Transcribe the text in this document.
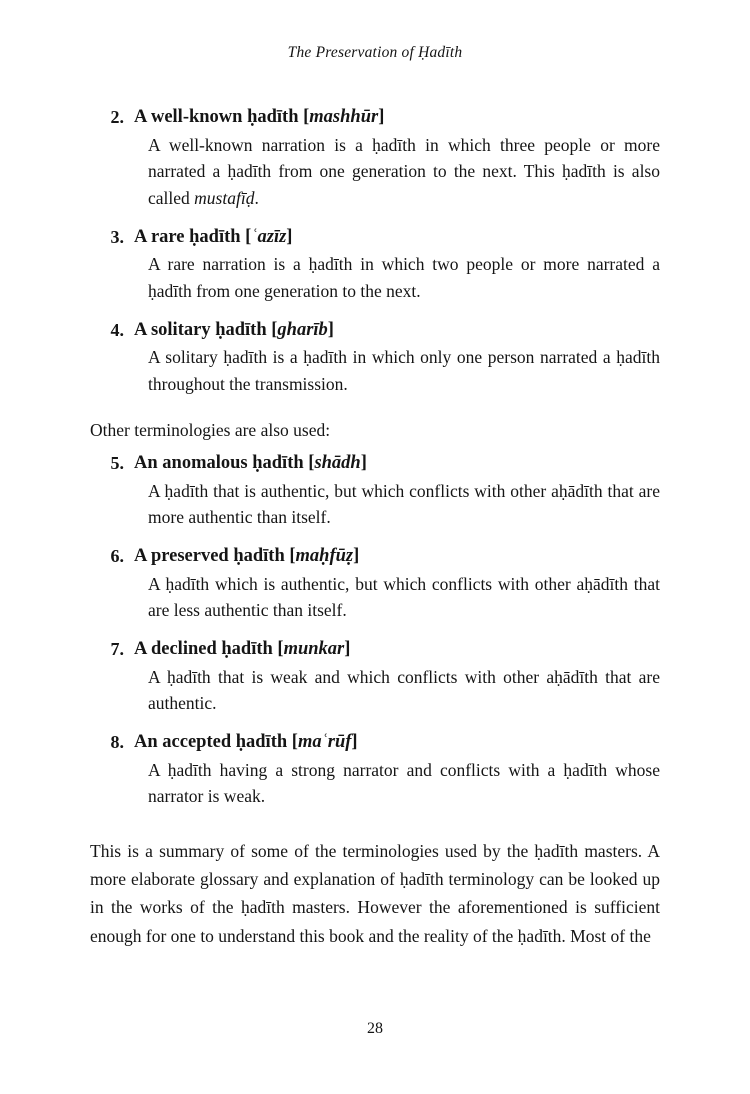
The Preservation of Ḥadīth
2. A well-known ḥadīth [mashhūr]
A well-known narration is a ḥadīth in which three people or more narrated a ḥadīth from one generation to the next. This ḥadīth is also called mustafīḍ.
3. A rare ḥadīth [ʿazīz]
A rare narration is a ḥadīth in which two people or more narrated a ḥadīth from one generation to the next.
4. A solitary ḥadīth [gharīb]
A solitary ḥadīth is a ḥadīth in which only one person narrated a ḥadīth throughout the transmission.

Other terminologies are also used:

5. An anomalous ḥadīth [shādh]
A ḥadīth that is authentic, but which conflicts with other aḥādīth that are more authentic than itself.
6. A preserved ḥadīth [maḥfūẓ]
A ḥadīth which is authentic, but which conflicts with other aḥādīth that are less authentic than itself.
7. A declined ḥadīth [munkar]
A ḥadīth that is weak and which conflicts with other aḥādīth that are authentic.
8. An accepted ḥadīth [maʿrūf]
A ḥadīth having a strong narrator and conflicts with a ḥadīth whose narrator is weak.

This is a summary of some of the terminologies used by the ḥadīth masters. A more elaborate glossary and explanation of ḥadīth terminology can be looked up in the works of the ḥadīth masters. However the aforementioned is sufficient enough for one to understand this book and the reality of the ḥadīth. Most of the

28
